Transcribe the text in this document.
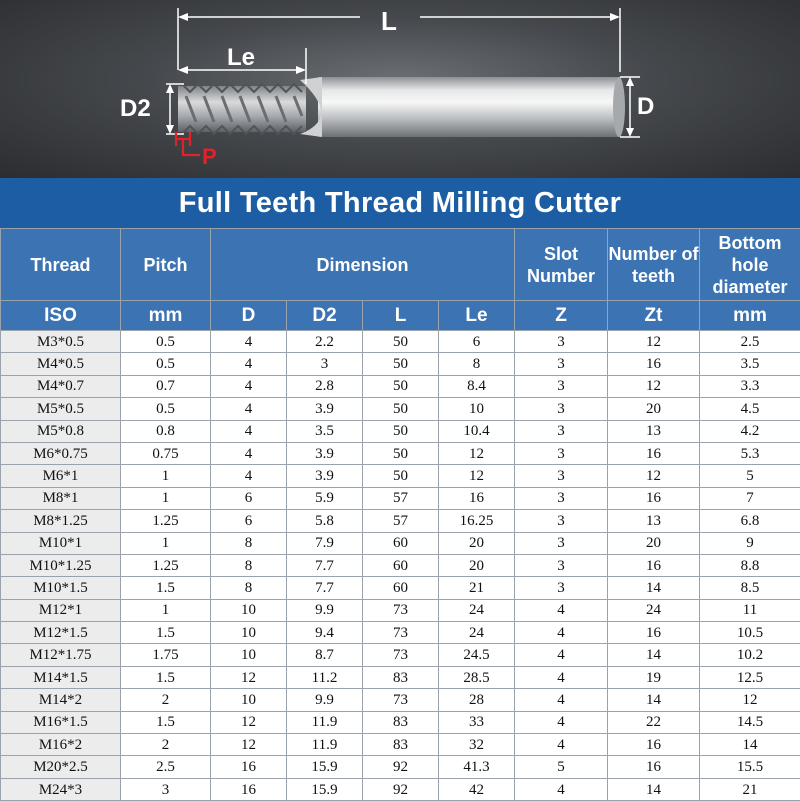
L
Le
D2	D
P
Full Teeth Thread Milling Cutter
Thread	Pitch	Dimension				Slot Number	Number of teeth	Bottom hole diameter
ISO	mm	D	D2	L	Le	Z	Zt	mm
M3*0.5	0.5	4	2.2	50	6	3	12	2.5
M4*0.5	0.5	4	3	50	8	3	16	3.5
M4*0.7	0.7	4	2.8	50	8.4	3	12	3.3
M5*0.5	0.5	4	3.9	50	10	3	20	4.5
M5*0.8	0.8	4	3.5	50	10.4	3	13	4.2
M6*0.75	0.75	4	3.9	50	12	3	16	5.3
M6*1	1	4	3.9	50	12	3	12	5
M8*1	1	6	5.9	57	16	3	16	7
M8*1.25	1.25	6	5.8	57	16.25	3	13	6.8
M10*1	1	8	7.9	60	20	3	20	9
M10*1.25	1.25	8	7.7	60	20	3	16	8.8
M10*1.5	1.5	8	7.7	60	21	3	14	8.5
M12*1	1	10	9.9	73	24	4	24	11
M12*1.5	1.5	10	9.4	73	24	4	16	10.5
M12*1.75	1.75	10	8.7	73	24.5	4	14	10.2
M14*1.5	1.5	12	11.2	83	28.5	4	19	12.5
M14*2	2	10	9.9	73	28	4	14	12
M16*1.5	1.5	12	11.9	83	33	4	22	14.5
M16*2	2	12	11.9	83	32	4	16	14
M20*2.5	2.5	16	15.9	92	41.3	5	16	15.5
M24*3	3	16	15.9	92	42	4	14	21
